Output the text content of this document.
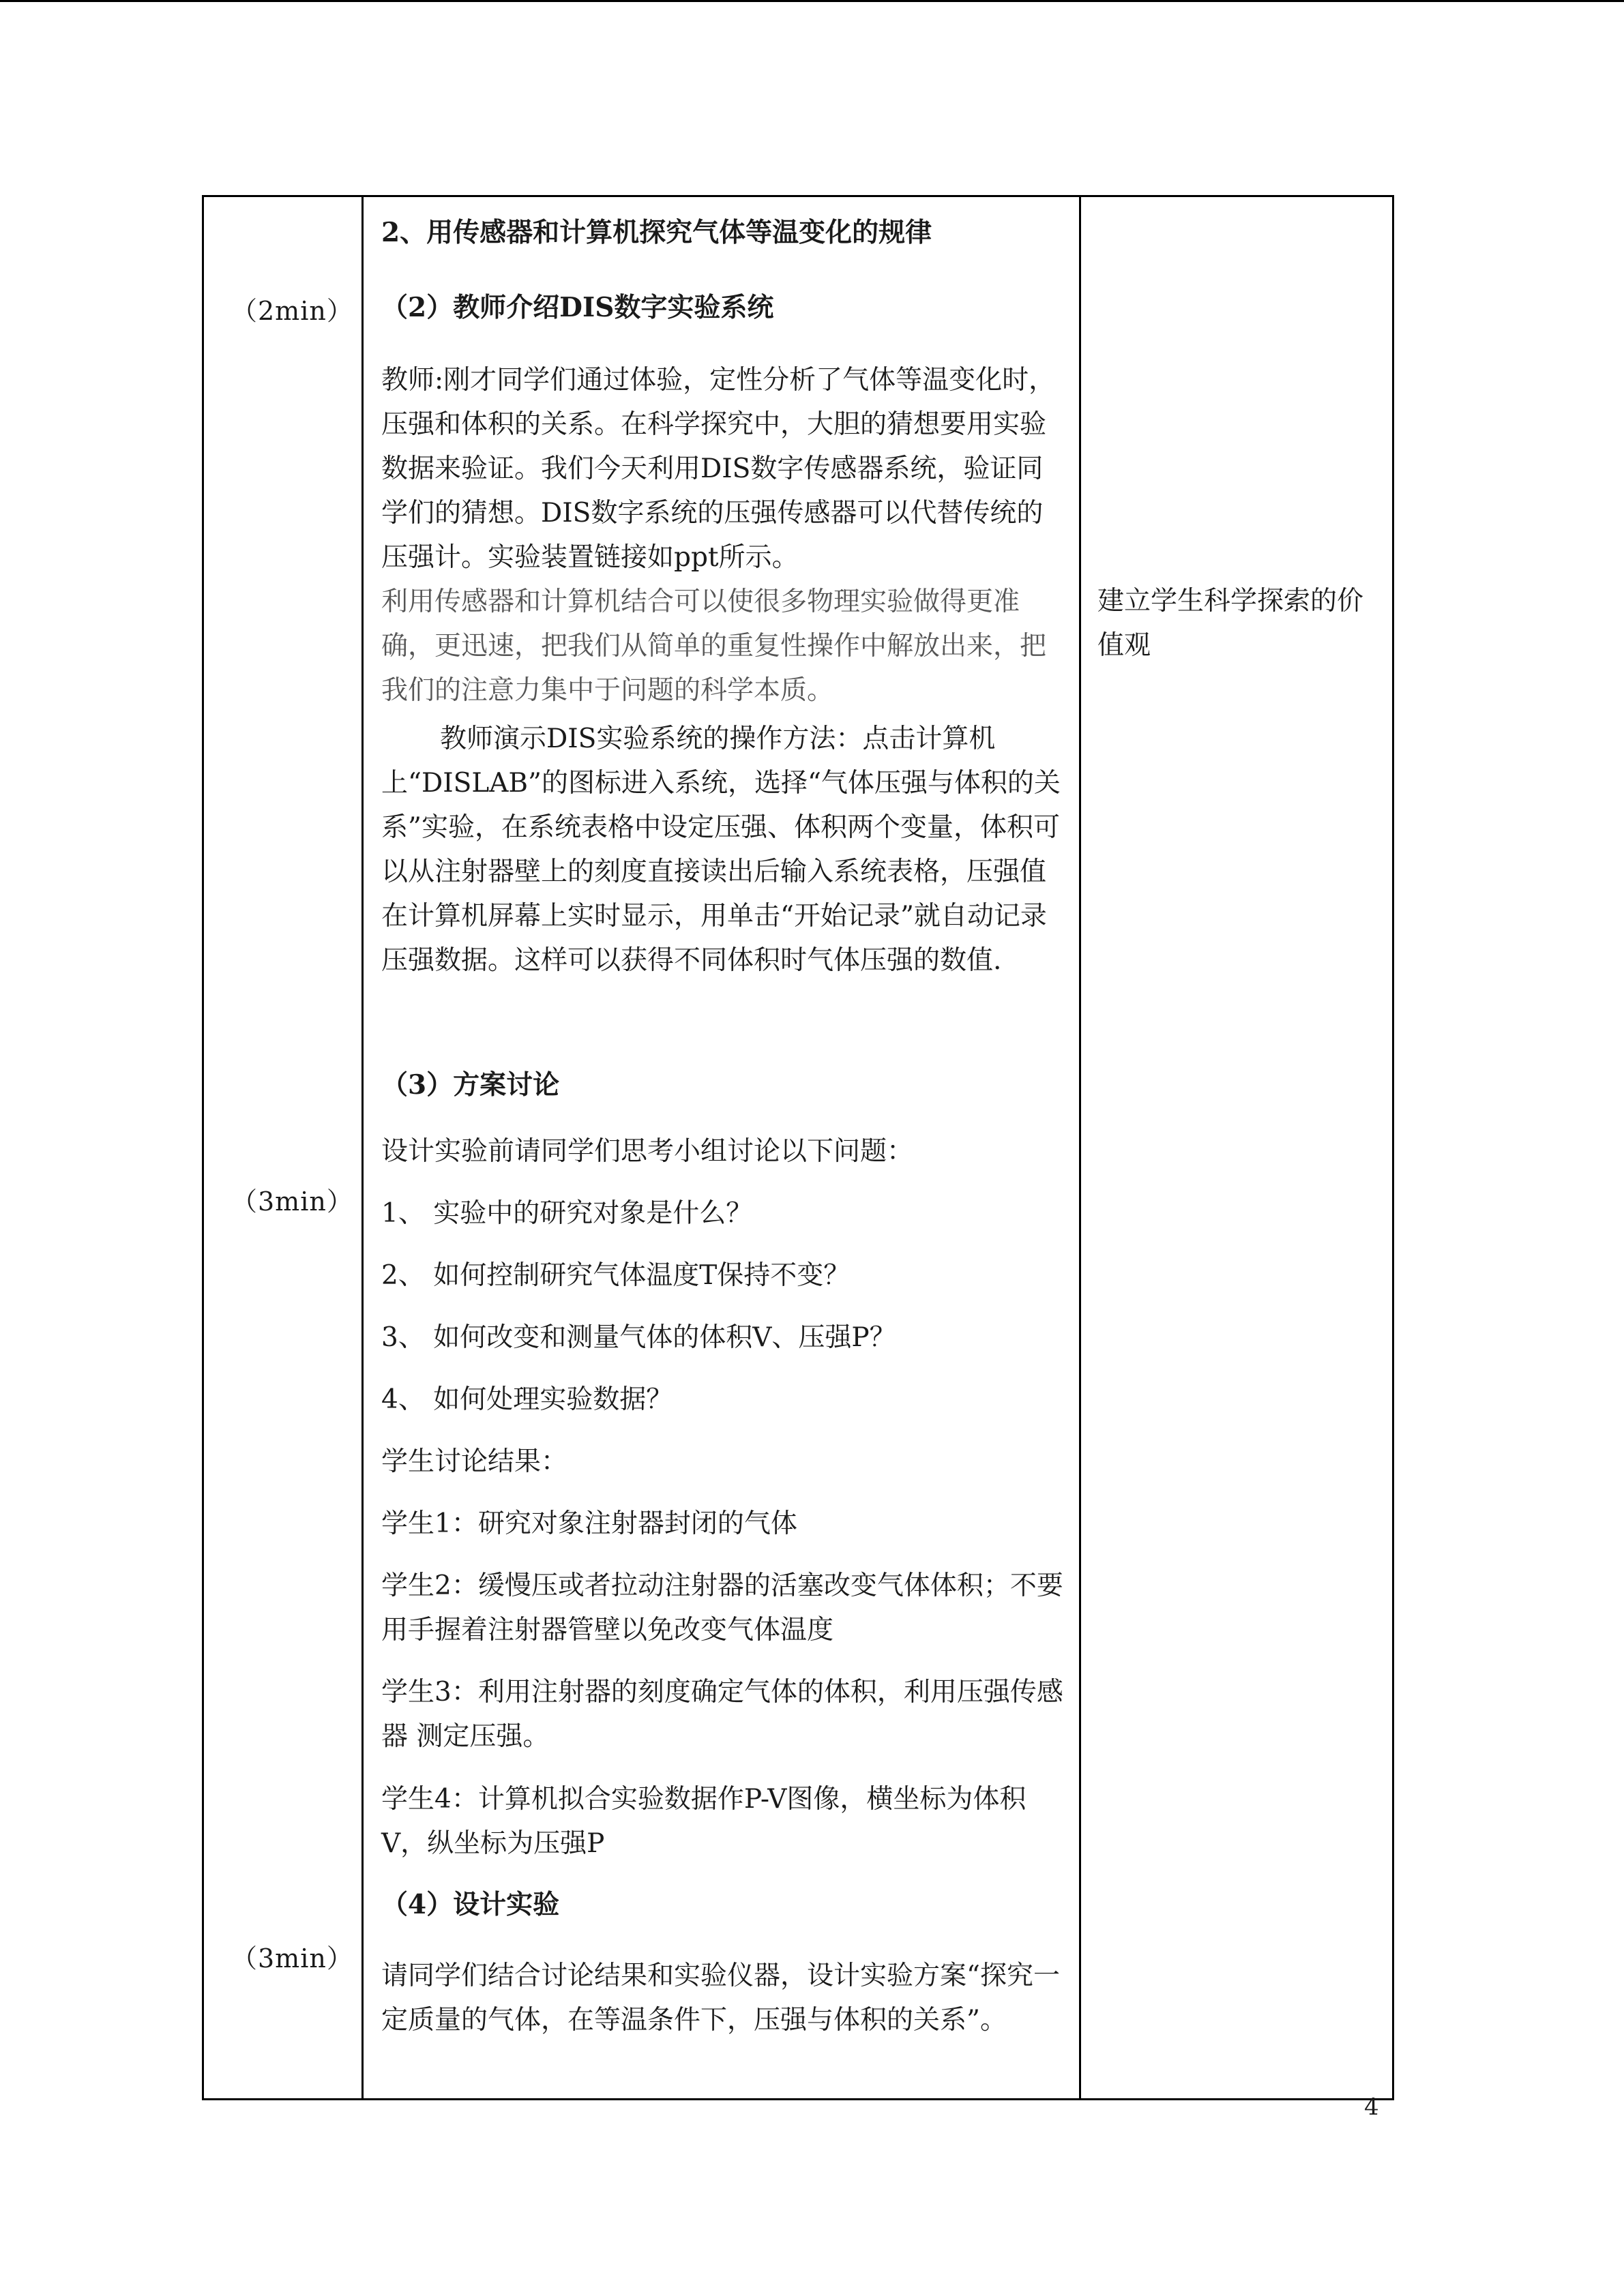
（2min）
（3min）
（3min）
2、用传感器和计算机探究气体等温变化的规律
（2）教师介绍DIS数字实验系统
教师:刚才同学们通过体验，定性分析了气体等温变化时，压强和体积的关系。在科学探究中，大胆的猜想要用实验数据来验证。我们今天利用DIS数字传感器系统，验证同学们的猜想。DIS数字系统的压强传感器可以代替传统的压强计。实验装置链接如ppt所示。
利用传感器和计算机结合可以使很多物理实验做得更准确，更迅速，把我们从简单的重复性操作中解放出来，把我们的注意力集中于问题的科学本质。
教师演示DIS实验系统的操作方法：点击计算机上“DISLAB”的图标进入系统，选择“气体压强与体积的关系”实验，在系统表格中设定压强、体积两个变量，体积可以从注射器壁上的刻度直接读出后输入系统表格，压强值在计算机屏幕上实时显示，用单击“开始记录”就自动记录压强数据。这样可以获得不同体积时气体压强的数值.
（3）方案讨论
设计实验前请同学们思考小组讨论以下问题：
1、 实验中的研究对象是什么？
2、 如何控制研究气体温度T保持不变？
3、 如何改变和测量气体的体积V、压强P？
4、 如何处理实验数据？
学生讨论结果：
学生1：研究对象注射器封闭的气体
学生2：缓慢压或者拉动注射器的活塞改变气体体积；不要用手握着注射器管壁以免改变气体温度
学生3：利用注射器的刻度确定气体的体积，利用压强传感器 测定压强。
学生4：计算机拟合实验数据作P-V图像，横坐标为体积V，纵坐标为压强P
（4）设计实验
请同学们结合讨论结果和实验仪器，设计实验方案“探究一定质量的气体，在等温条件下，压强与体积的关系”。
建立学生科学探索的价值观
4
